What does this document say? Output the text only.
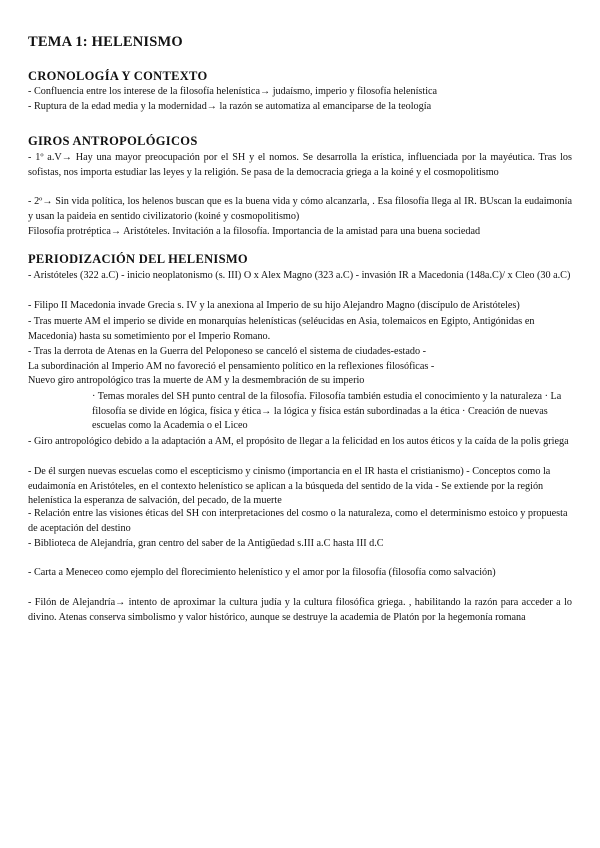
TEMA 1: HELENISMO
CRONOLOGÍA Y CONTEXTO
- Confluencia entre los interese de la filosofía helenística→ judaísmo, imperio y filosofía helenística
- Ruptura de la edad media y la modernidad→ la razón se automatiza al emanciparse de la teología
GIROS ANTROPOLÓGICOS
- 1º a.V→ Hay una mayor preocupación por el SH y el nomos. Se desarrolla la erística, influenciada por la mayéutica. Tras los sofistas, nos importa estudiar las leyes y la religión. Se pasa de la democracia griega a la koiné y el cosmopolitismo
- 2º→ Sin vida política, los helenos buscan que es la buena vida y cómo alcanzarla, . Esa filosofía llega al IR. BUscan la eudaimonía y usan la paideia en sentido civilizatorio (koiné y cosmopolitismo)
Filosofía protréptica→ Aristóteles. Invitación a la filosofía. Importancia de la amistad para una buena sociedad
PERIODIZACIÓN DEL HELENISMO
- Aristóteles (322 a.C) - inicio neoplatonismo (s. III) O x Alex Magno (323 a.C) - invasión IR a Macedonia (148a.C)/ x Cleo (30 a.C)
- Filipo II Macedonia invade Grecia s. IV y la anexiona al Imperio de su hijo Alejandro Magno (discípulo de Aristóteles)
- Tras muerte AM el imperio se divide en monarquías helenísticas (seléucidas en Asia, tolemaicos en Egipto, Antigónidas en Macedonia) hasta su sometimiento por el Imperio Romano.
- Tras la derrota de Atenas en la Guerra del Peloponeso se canceló el sistema de ciudades-estado -
La subordinación al Imperio AM no favoreció el pensamiento político en la reflexiones filosóficas -
Nuevo giro antropológico tras la muerte de AM y la desmembración de su imperio
· Temas morales del SH punto central de la filosofía. Filosofía también estudia el conocimiento y la naturaleza · La filosofía se divide en lógica, física y ética→ la lógica y física están subordinadas a la ética · Creación de nuevas escuelas como la Academia o el Liceo
- Giro antropológico debido a la adaptación a AM, el propósito de llegar a la felicidad en los autos éticos y la caída de la polis griega
- De él surgen nuevas escuelas como el escepticismo y cinismo (importancia en el IR hasta el cristianismo) - Conceptos como la eudaimonía en Aristóteles, en el contexto helenístico se aplican a la búsqueda del sentido de la vida - Se extiende por la región helenística la esperanza de salvación, del pecado, de la muerte
- Relación entre las visiones éticas del SH con interpretaciones del cosmo o la naturaleza, como el determinismo estoico y propuesta de aceptación del destino
- Biblioteca de Alejandría, gran centro del saber de la Antigüedad s.III a.C hasta III d.C
- Carta a Meneceo como ejemplo del florecimiento helenístico y el amor por la filosofía (filosofía como salvación)
- Filón de Alejandría→ intento de aproximar la cultura judía y la cultura filosófica griega. , habilitando la razón para acceder a lo divino. Atenas conserva simbolismo y valor histórico, aunque se destruye la academia de Platón por la hegemonía romana
